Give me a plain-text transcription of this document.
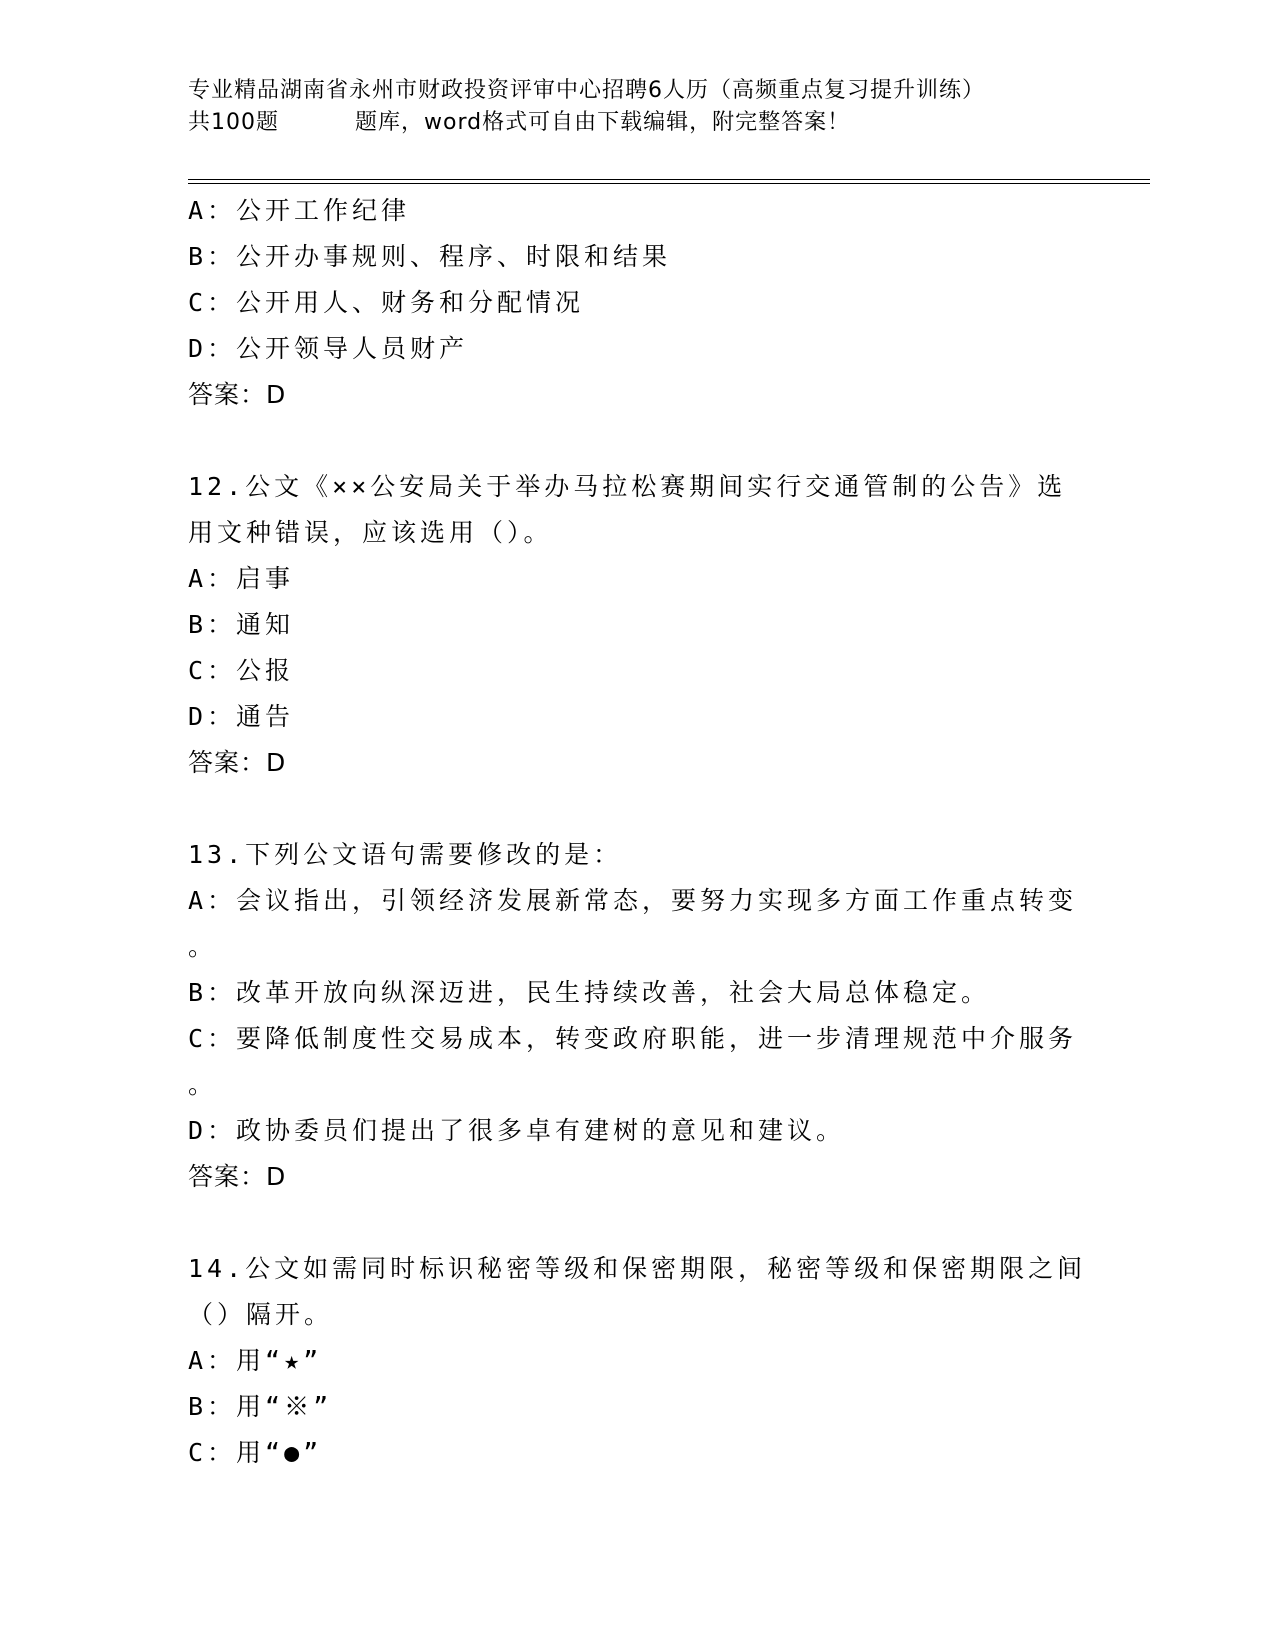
专业精品湖南省永州市财政投资评审中心招聘6人历（高频重点复习提升训练）
共100题	题库，word格式可自由下载编辑，附完整答案！
A：公开工作纪律
B：公开办事规则、程序、时限和结果
C：公开用人、财务和分配情况
D：公开领导人员财产
答案：D
12.公文《××公安局关于举办马拉松赛期间实行交通管制的公告》选
用文种错误，应该选用（）。
A：启事
B：通知
C：公报
D：通告
答案：D
13.下列公文语句需要修改的是：
A：会议指出，引领经济发展新常态，要努力实现多方面工作重点转变
。
B：改革开放向纵深迈进，民生持续改善，社会大局总体稳定。
C：要降低制度性交易成本，转变政府职能，进一步清理规范中介服务
。
D：政协委员们提出了很多卓有建树的意见和建议。
答案：D
14.公文如需同时标识秘密等级和保密期限，秘密等级和保密期限之间
（）隔开。
A：用“★”
B：用“※”
C：用“●”
